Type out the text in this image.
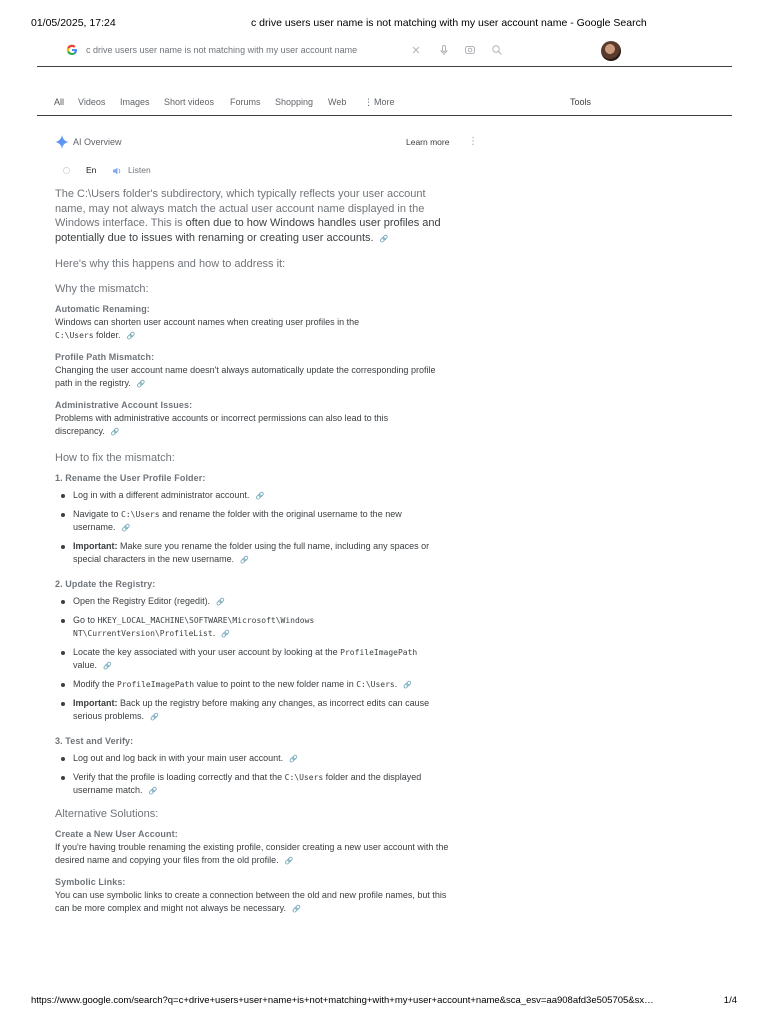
01/05/2025, 17:24	c drive users user name is not matching with my user account name - Google Search
c drive users user name is not matching with my user account name
All Videos Images Short videos Forums Shopping Web ⋮ More	Tools
AI Overview	Learn more ⋮
En	Listen

The C:\Users folder's subdirectory, which typically reflects your user account name, may not always match the actual user account name displayed in the Windows interface. This is often due to how Windows handles user profiles and potentially due to issues with renaming or creating user accounts. 🔗

Here's why this happens and how to address it:

Why the mismatch:

Automatic Renaming:

Windows can shorten user account names when creating user profiles in the
C:\Users folder. 🔗

Profile Path Mismatch:

Changing the user account name doesn't always automatically update the corresponding profile path in the registry. 🔗

Administrative Account Issues:

Problems with administrative accounts or incorrect permissions can also lead to this discrepancy. 🔗

How to fix the mismatch:

1. Rename the User Profile Folder:

Log in with a different administrator account. 🔗
Navigate to C:\Users and rename the folder with the original username to the new username. 🔗
Important: Make sure you rename the folder using the full name, including any spaces or special characters in the new username. 🔗

2. Update the Registry:

Open the Registry Editor (regedit). 🔗
Go to HKEY_LOCAL_MACHINE\SOFTWARE\Microsoft\Windows NT\CurrentVersion\ProfileList. 🔗
Locate the key associated with your user account by looking at the ProfileImagePath value. 🔗
Modify the ProfileImagePath value to point to the new folder name in C:\Users. 🔗
Important: Back up the registry before making any changes, as incorrect edits can cause serious problems. 🔗

3. Test and Verify:

Log out and log back in with your main user account. 🔗
Verify that the profile is loading correctly and that the C:\Users folder and the displayed username match. 🔗

Alternative Solutions:

Create a New User Account:

If you're having trouble renaming the existing profile, consider creating a new user account with the desired name and copying your files from the old profile. 🔗

Symbolic Links:

You can use symbolic links to create a connection between the old and new profile names, but this can be more complex and might not always be necessary. 🔗

https://www.google.com/search?q=c+drive+users+user+name+is+not+matching+with+my+user+account+name&sca_esv=aa908afd3e505705&sx…	1/4
